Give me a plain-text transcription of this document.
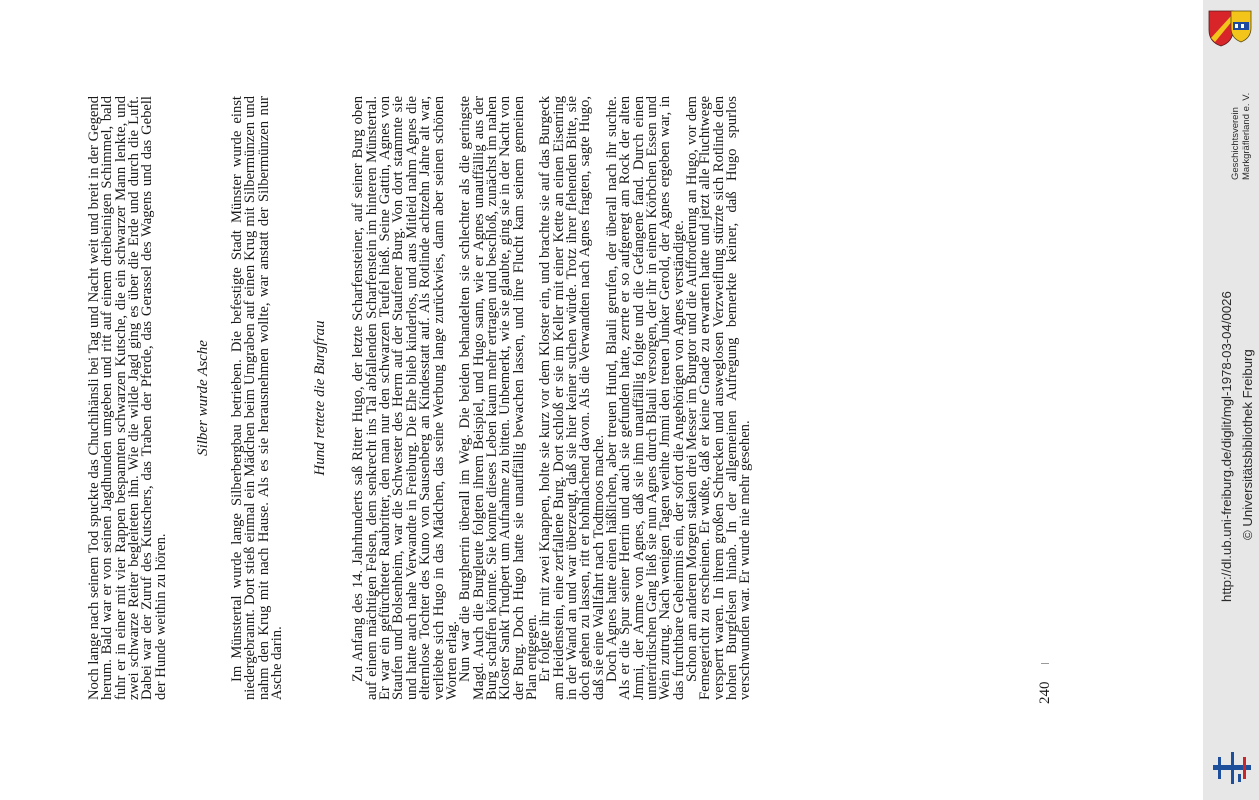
Noch lange nach seinem Tod spuckte das Chuchihänsli bei Tag und Nacht weit und breit in der Gegend herum. Bald war er von seinen Jagdhunden umgeben und ritt auf einem dreibeinigen Schimmel, bald fuhr er in einer mit vier Rappen bespannten schwarzen Kutsche, die ein schwarzer Mann lenkte, und zwei schwarze Reiter begleiteten ihn. Wie die wilde Jagd ging es über die Erde und durch die Luft. Dabei war der Zuruf des Kutschers, das Traben der Pferde, das Gerassel des Wagens und das Gebell der Hunde weithin zu hören.

Silber wurde Asche Im Münstertal wurde lange Silberbergbau betrieben. Die befestigte Stadt Münster wurde einst niedergebrannt. Dort stieß einmal ein Mädchen beim Umgraben auf einen Krug mit Silbermünzen und nahm den Krug mit nach Hause. Als es sie herausnehmen wollte, war anstatt der Silbermünzen nur Asche darin.

Hund rettete die Burgfrau Zu Anfang des 14. Jahrhunderts saß Ritter Hugo, der letzte Scharfensteiner, auf seiner Burg oben auf einem mächtigen Felsen, dem senkrecht ins Tal abfallenden Scharfenstein im hinteren Münstertal. Er war ein gefürchteter Raubritter, den man nur den schwarzen Teufel hieß. Seine Gattin, Agnes von Staufen und Bolsenheim, war die Schwester des Herrn auf der Staufener Burg. Von dort stammte sie und hatte auch nahe Verwandte in Freiburg. Die Ehe blieb kinderlos, und aus Mitleid nahm Agnes die elternlose Tochter des Kuno von Sausenberg an Kindesstatt auf. Als Rotlinde achtzehn Jahre alt war, verliebte sich Hugo in das Mädchen, das seine Werbung lange zurückwies, dann aber seinen schönen Worten erlag.

Nun war die Burgherrin überall im Weg. Die beiden behandelten sie schlechter als die geringste Magd. Auch die Burgleute folgten ihrem Beispiel, und Hugo sann, wie er Agnes unauffällig aus der Burg schaffen könnte. Sie konnte dieses Leben kaum mehr ertragen und beschloß, zunächst im nahen Kloster Sankt Trudpert um Aufnahme zu bitten. Unbemerkt, wie sie glaubte, ging sie in der Nacht von der Burg. Doch Hugo hatte sie unauffällig bewachen lassen, und ihre Flucht kam seinem gemeinen Plan entgegen.

Er folgte ihr mit zwei Knappen, holte sie kurz vor dem Kloster ein, und brachte sie auf das Burgeck am Heidenstein, eine zerfallene Burg. Dort schloß er sie im Keller mit einer Kette an einen Eisenring in der Wand an und war überzeugt, daß sie hier keiner suchen würde. Trotz ihrer flehenden Bitte, sie doch gehen zu lassen, ritt er hohnlachend davon. Als die Verwandten nach Agnes fragten, sagte Hugo, daß sie eine Wallfahrt nach Todtmoos mache.

Doch Agnes hatte einen häßlichen, aber treuen Hund, Blauli gerufen, der überall nach ihr suchte. Als er die Spur seiner Herrin und auch sie gefunden hatte, zerrte er so aufgeregt am Rock der alten Jmmi, der Amme von Agnes, daß sie ihm unauffällig folgte und die Gefangene fand. Durch einen unterirdischen Gang ließ sie nun Agnes durch Blauli versorgen, der ihr in einem Körbchen Essen und Wein zutrug. Nach wenigen Tagen weihte Jmmi den treuen Junker Gerold, der Agnes ergeben war, in das furchtbare Geheimnis ein, der sofort die Angehörigen von Agnes verständigte.

Schon am anderen Morgen staken drei Messer im Burgtor und die Aufforderung an Hugo, vor dem Femegericht zu erscheinen. Er wußte, daß er keine Gnade zu erwarten hatte und jetzt alle Fluchtwege versperrt waren. In ihrem großen Schrecken und ausweglosen Verzweiflung stürzte sich Rotlinde den hohen Burgfelsen hinab. In der allgemeinen Aufregung bemerkte keiner, daß Hugo spurlos verschwunden war. Er wurde nie mehr gesehen.	240
Geschichtsverein Markgräflerland e. V.
http://dl.ub.uni-freiburg.de/diglit/mgl-1978-03-04/0026 © Universitätsbibliothek Freiburg
